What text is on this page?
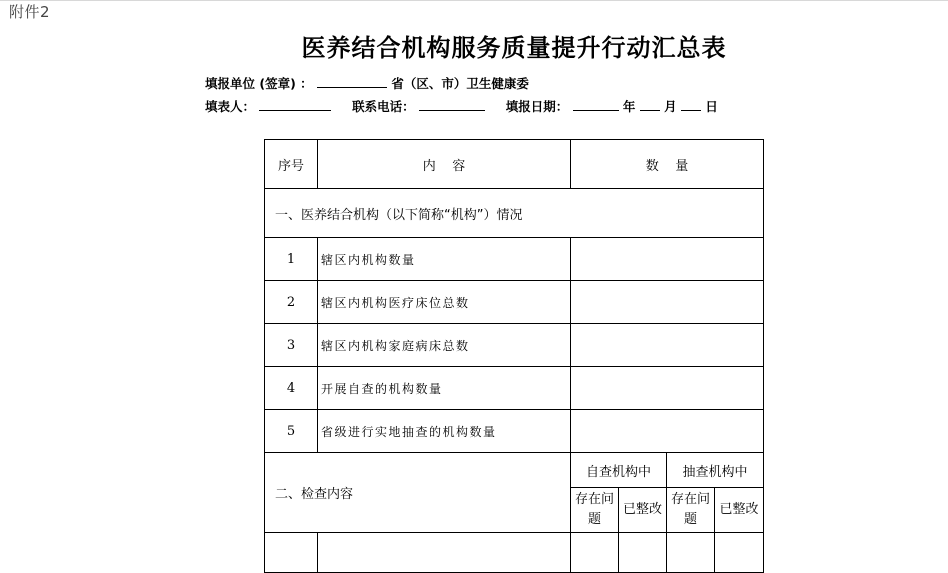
附件2
医养结合机构服务质量提升行动汇总表
填报单位 (签章) ：	省（区、市）卫生健康委
填表人：	联系电话：	填报日期：	年 月 日
序号	内    容	数    量			
一、医养结合机构（以下简称“机构”）情况					
1	辖区内机构数量				
2	辖区内机构医疗床位总数				
3	辖区内机构家庭病床总数				
4	开展自查的机构数量				
5	省级进行实地抽查的机构数量				
二、检查内容		自查机构中		抽查机构中	
		存在问题	已整改	存在问题	已整改
